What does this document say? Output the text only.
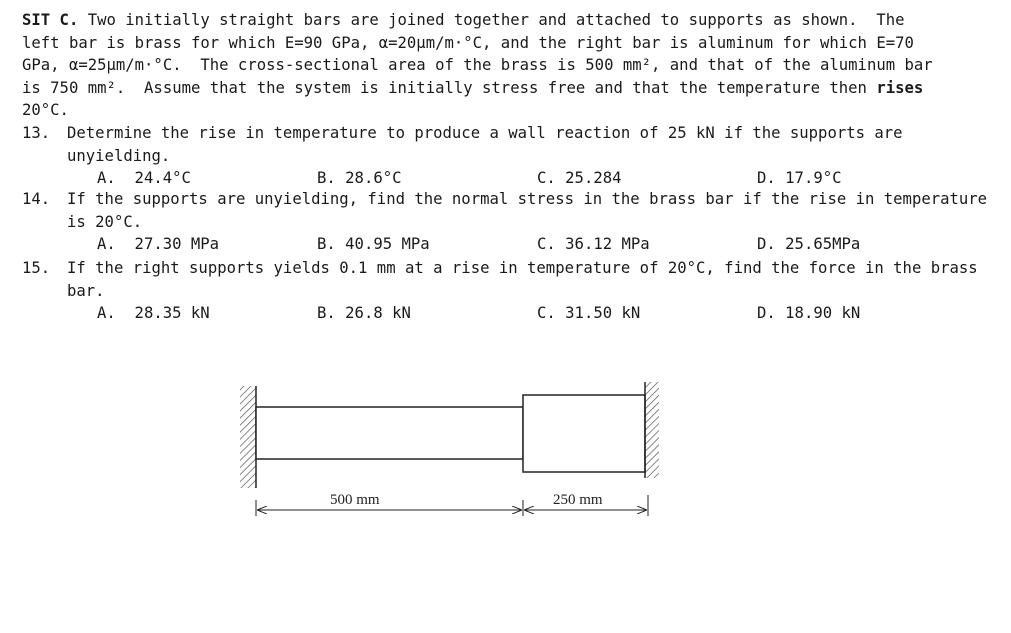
SIT C. Two initially straight bars are joined together and attached to supports as shown.  The
left bar is brass for which E=90 GPa, α=20μm/m·°C, and the right bar is aluminum for which E=70
GPa, α=25μm/m·°C.  The cross-sectional area of the brass is 500 mm², and that of the aluminum bar
is 750 mm².  Assume that the system is initially stress free and that the temperature then rises
20°C.
13. Determine the rise in temperature to produce a wall reaction of 25 kN if the supports are unyielding.
A.  24.4°C	B. 28.6°C	C. 25.284	D. 17.9°C
14. If the supports are unyielding, find the normal stress in the brass bar if the rise in temperature is 20°C.
A.  27.30 MPa	B. 40.95 MPa	C. 36.12 MPa	D. 25.65MPa
15. If the right supports yields 0.1 mm at a rise in temperature of 20°C, find the force in the brass bar.
A.  28.35 kN	B. 26.8 kN	C. 31.50 kN	D. 18.90 kN
500 mm	250 mm
